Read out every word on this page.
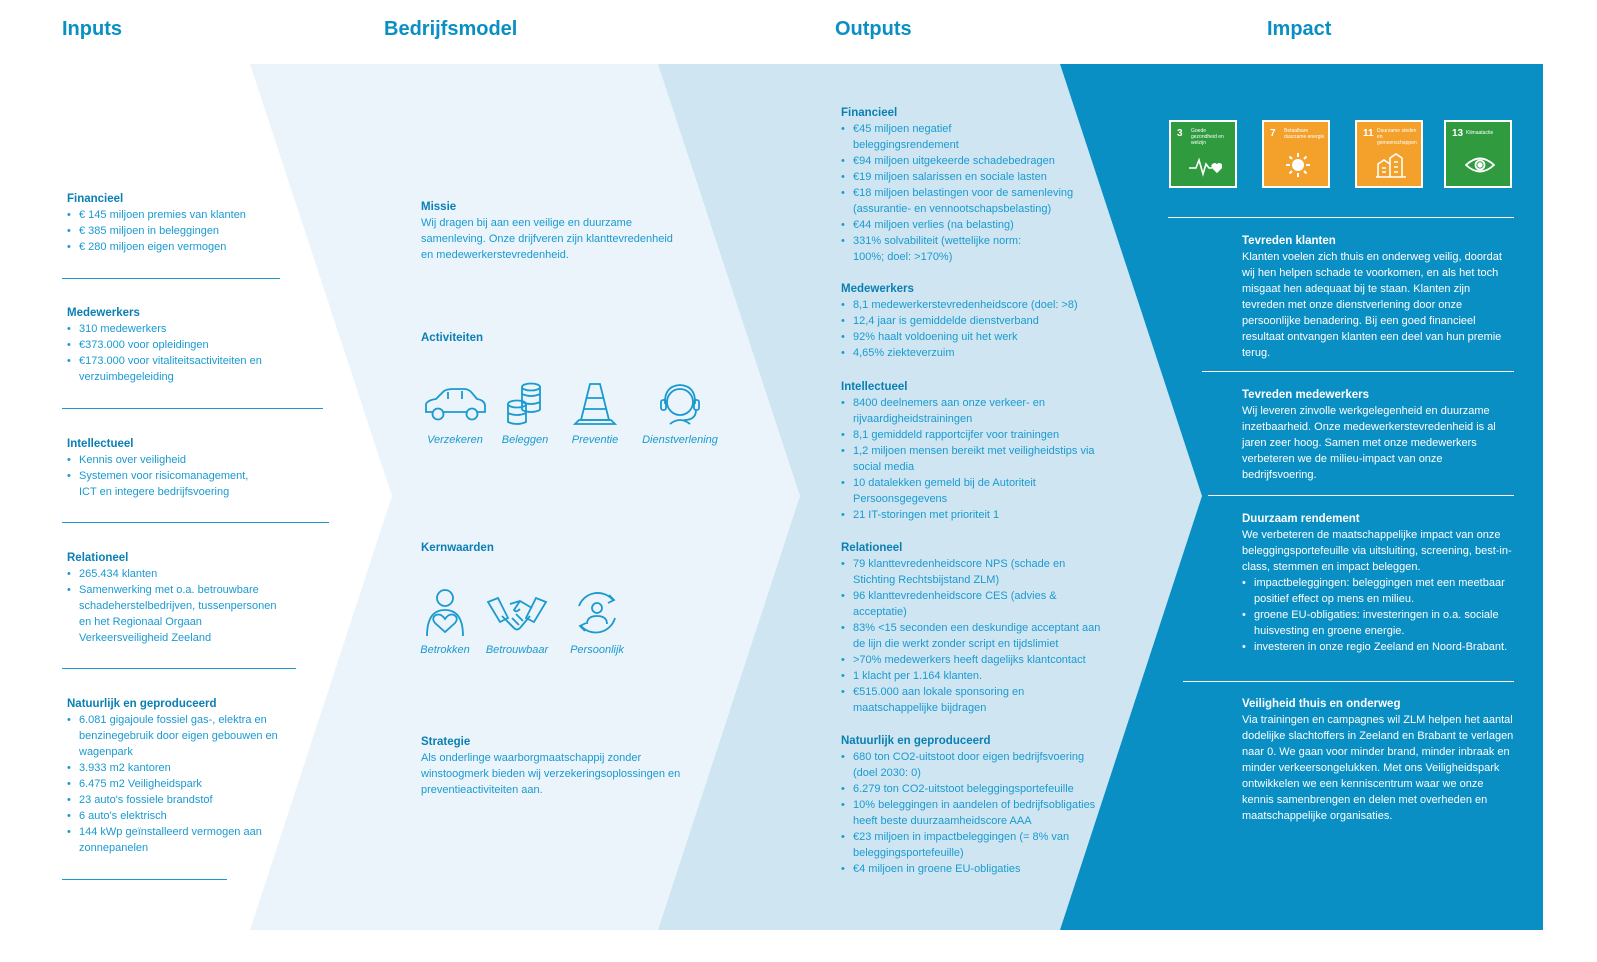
Inputs	Bedrijfsmodel	Outputs	Impact
Financieel
• € 145 miljoen premies van klanten
• € 385 miljoen in beleggingen
• € 280 miljoen eigen vermogen
Medewerkers
• 310 medewerkers
• €373.000 voor opleidingen
• €173.000 voor vitaliteitsactiviteiten en verzuimbegeleiding
Intellectueel
• Kennis over veiligheid
• Systemen voor risicomanagement, ICT en integere bedrijfsvoering
Relationeel
• 265.434 klanten
• Samenwerking met o.a. betrouwbare schadeherstelbedrijven, tussenpersonen en het Regionaal Orgaan Verkeersveiligheid Zeeland
Natuurlijk en geproduceerd
• 6.081 gigajoule fossiel gas-, elektra en benzinegebruik door eigen gebouwen en wagenpark
• 3.933 m2 kantoren
• 6.475 m2 Veiligheidspark
• 23 auto's fossiele brandstof
• 6 auto's elektrisch
• 144 kWp geïnstalleerd vermogen aan zonnepanelen
Missie

Wij dragen bij aan een veilige en duurzame samenleving. Onze drijfveren zijn klanttevredenheid en medewerkerstevredenheid.

Activiteiten
Verzekeren Beleggen Preventie Dienstverlening
Kernwaarden
Betrokken Betrouwbaar Persoonlijk
Strategie

Als onderlinge waarborgmaatschappij zonder winstoogmerk bieden wij verzekeringsoplossingen en preventieactiviteiten aan.

Financieel
• €45 miljoen negatief beleggingsrendement
• €94 miljoen uitgekeerde schadebedragen
• €19 miljoen salarissen en sociale lasten
• €18 miljoen belastingen voor de samenleving (assurantie- en vennootschapsbelasting)
• €44 miljoen verlies (na belasting)
• 331% solvabiliteit (wettelijke norm: 100%; doel: >170%)
Medewerkers
• 8,1 medewerkerstevredenheidscore (doel: >8)
• 12,4 jaar is gemiddelde dienstverband
• 92% haalt voldoening uit het werk
• 4,65% ziekteverzuim
Intellectueel
• 8400 deelnemers aan onze verkeer- en rijvaardigheidstrainingen
• 8,1 gemiddeld rapportcijfer voor trainingen
• 1,2 miljoen mensen bereikt met veiligheidstips via social media
• 10 datalekken gemeld bij de Autoriteit Persoonsgegevens
• 21 IT-storingen met prioriteit 1
Relationeel
• 79 klanttevredenheidscore NPS (schade en Stichting Rechtsbijstand ZLM)
• 96 klanttevredenheidscore CES (advies & acceptatie)
• 83% <15 seconden een deskundige acceptant aan de lijn die werkt zonder script en tijdslimiet
• >70% medewerkers heeft dagelijks klantcontact
• 1 klacht per 1.164 klanten.
• €515.000 aan lokale sponsoring en maatschappelijke bijdragen
Natuurlijk en geproduceerd
• 680 ton CO2-uitstoot door eigen bedrijfsvoering (doel 2030: 0)
• 6.279 ton CO2-uitstoot beleggingsportefeuille
• 10% beleggingen in aandelen of bedrijfsobligaties heeft beste duurzaamheidscore AAA
• €23 miljoen in impactbeleggingen (= 8% van beleggingsportefeuille)
• €4 miljoen in groene EU-obligaties
3 Goede gezondheid en welzijn
7 Betaalbare duurzame energie	11 Duurzame steden en gemeenschappen
13 Klimaatactie
Tevreden klanten

Klanten voelen zich thuis en onderweg veilig, doordat wij hen helpen schade te voorkomen, en als het toch misgaat hen adequaat bij te staan. Klanten zijn tevreden met onze dienstverlening door onze persoonlijke benadering. Bij een goed financieel resultaat ontvangen klanten een deel van hun premie terug.

Tevreden medewerkers

Wij leveren zinvolle werkgelegenheid en duurzame inzetbaarheid. Onze medewerkerstevredenheid is al jaren zeer hoog. Samen met onze medewerkers verbeteren we de milieu-impact van onze bedrijfsvoering.

Duurzaam rendement

We verbeteren de maatschappelijke impact van onze beleggingsportefeuille via uitsluiting, screening, best-in-class, stemmen en impact beleggen.

• impactbeleggingen: beleggingen met een meetbaar positief effect op mens en milieu.
• groene EU-obligaties: investeringen in o.a. sociale huisvesting en groene energie.
• investeren in onze regio Zeeland en Noord-Brabant.
Veiligheid thuis en onderweg

Via trainingen en campagnes wil ZLM helpen het aantal dodelijke slachtoffers in Zeeland en Brabant te verlagen naar 0. We gaan voor minder brand, minder inbraak en minder verkeersongelukken. Met ons Veiligheidspark ontwikkelen we een kenniscentrum waar we onze kennis samenbrengen en delen met overheden en maatschappelijke organisaties.
